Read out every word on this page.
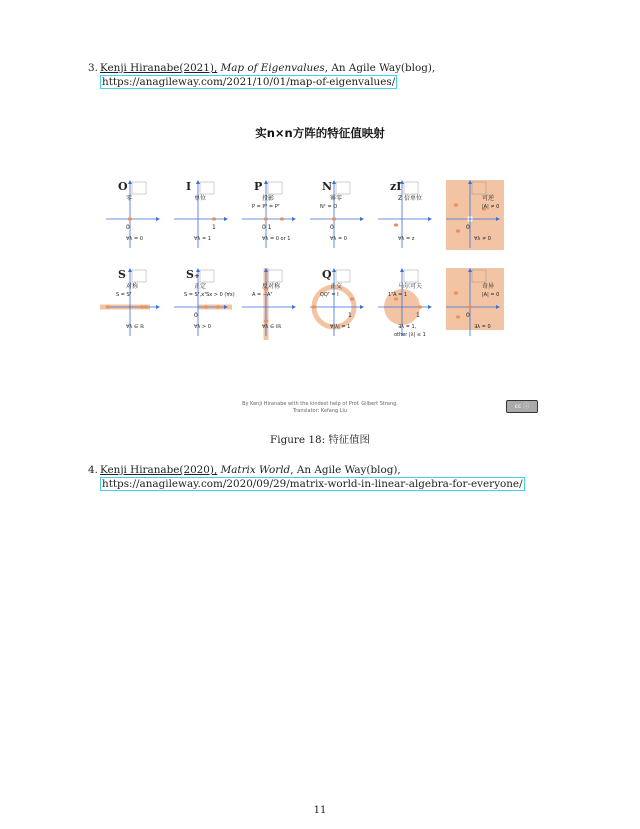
3. Kenji Hiranabe(2021), Map of Eigenvalues, An Agile Way(blog),
https://anagileway.com/2021/10/01/map-of-eigenvalues/
实n×n方阵的特征值映射
O
零
∀λ = 0
0
I
单位
∀λ = 1
1
P
投影
P = P² = Pᵀ
∀λ = 0 or 1
0 1
N
幂零
Nᵏ = O
∀λ = 0
0
zI
Z 倍单位
∀λ = z
可逆
|A| ≠ 0
∀λ ≠ 0
0
S
对称
S = Sᵀ
∀λ ∈ ℝ
S₊
正定
S = Sᵀ,xᵀSx > 0 (∀x)
∀λ > 0
0
反对称
A = −Aᵀ
∀λ ∈ iℝ
Q
正交
QQᵀ = I
∀|λ| = 1
1
马尔可夫
1ᵀA = 1
∃λ = 1,
other |λ| ≤ 1
1
奇异
|A| = 0
∃λ = 0
0
By Kenji Hiranabe with the kindest help of Prof. Gilbert Strang.
Translator: Kefang Liu
cc ⓘ
Figure 18: 特征值图
4. Kenji Hiranabe(2020), Matrix World, An Agile Way(blog),
https://anagileway.com/2020/09/29/matrix-world-in-linear-algebra-for-everyone/
11
